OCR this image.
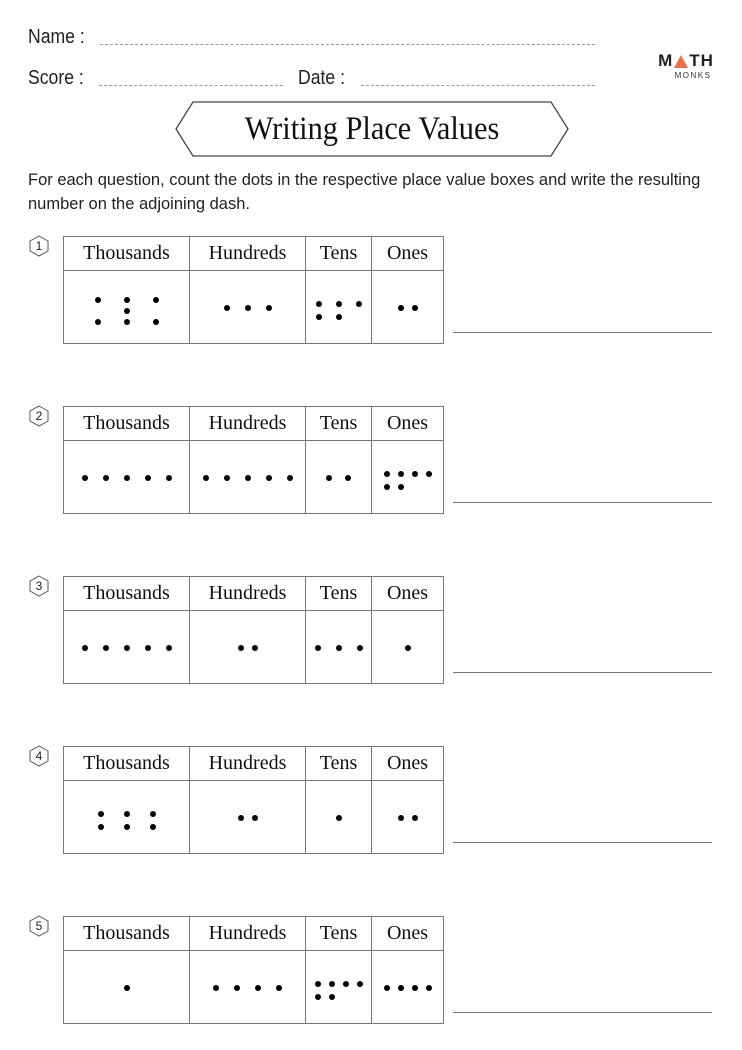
Name :
Score :	Date :
M TH
MONKS
Writing Place Values
For each question, count the dots in the respective place value boxes and write the resulting number on the adjoining dash.
1	Thousands	Hundreds	Tens	Ones

2	Thousands	Hundreds	Tens	Ones

3	Thousands	Hundreds	Tens	Ones

4	Thousands	Hundreds	Tens	Ones

5	Thousands	Hundreds	Tens	Ones
